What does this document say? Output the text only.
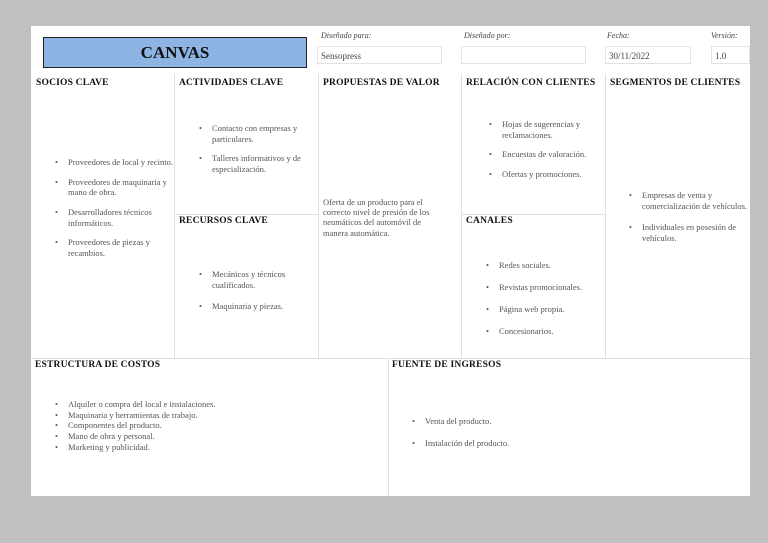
CANVAS
Diseñado para:
Sensopress
Diseñado por:	Fecha:
30/11/2022
Versión:
1.0
SOCIOS CLAVE
• Proveedores de local y recinto.
• Proveedores de maquinaria y mano de obra.
• Desarrolladores técnicos informáticos.
• Proveedores de piezas y recambios.
ACTIVIDADES CLAVE
• Contacto con empresas y particulares.
• Talleres informativos y de especialización.
RECURSOS CLAVE
• Mecánicos y técnicos cualificados.
• Maquinaria y piezas.
PROPUESTAS DE VALOR
Oferta de un producto para el correcto nivel de presión de los neumáticos del automóvil de manera automática.
RELACIÓN CON CLIENTES
• Hojas de sugerencias y reclamaciones.
• Encuestas de valoración.
• Ofertas y promociones.
CANALES
• Redes sociales.
• Revistas promocionales.
• Página web propia.
• Concesionarios.
SEGMENTOS DE CLIENTES
• Empresas de venta y comercialización de vehículos.
• Individuales en posesión de vehículos.
ESTRUCTURA DE COSTOS
• Alquiler o compra del local e instalaciones.
• Maquinaria y herramientas de trabajo.
• Componentes del producto.
• Mano de obra y personal.
• Marketing y publicidad.
FUENTE DE INGRESOS
• Venta del producto.
• Instalación del producto.
